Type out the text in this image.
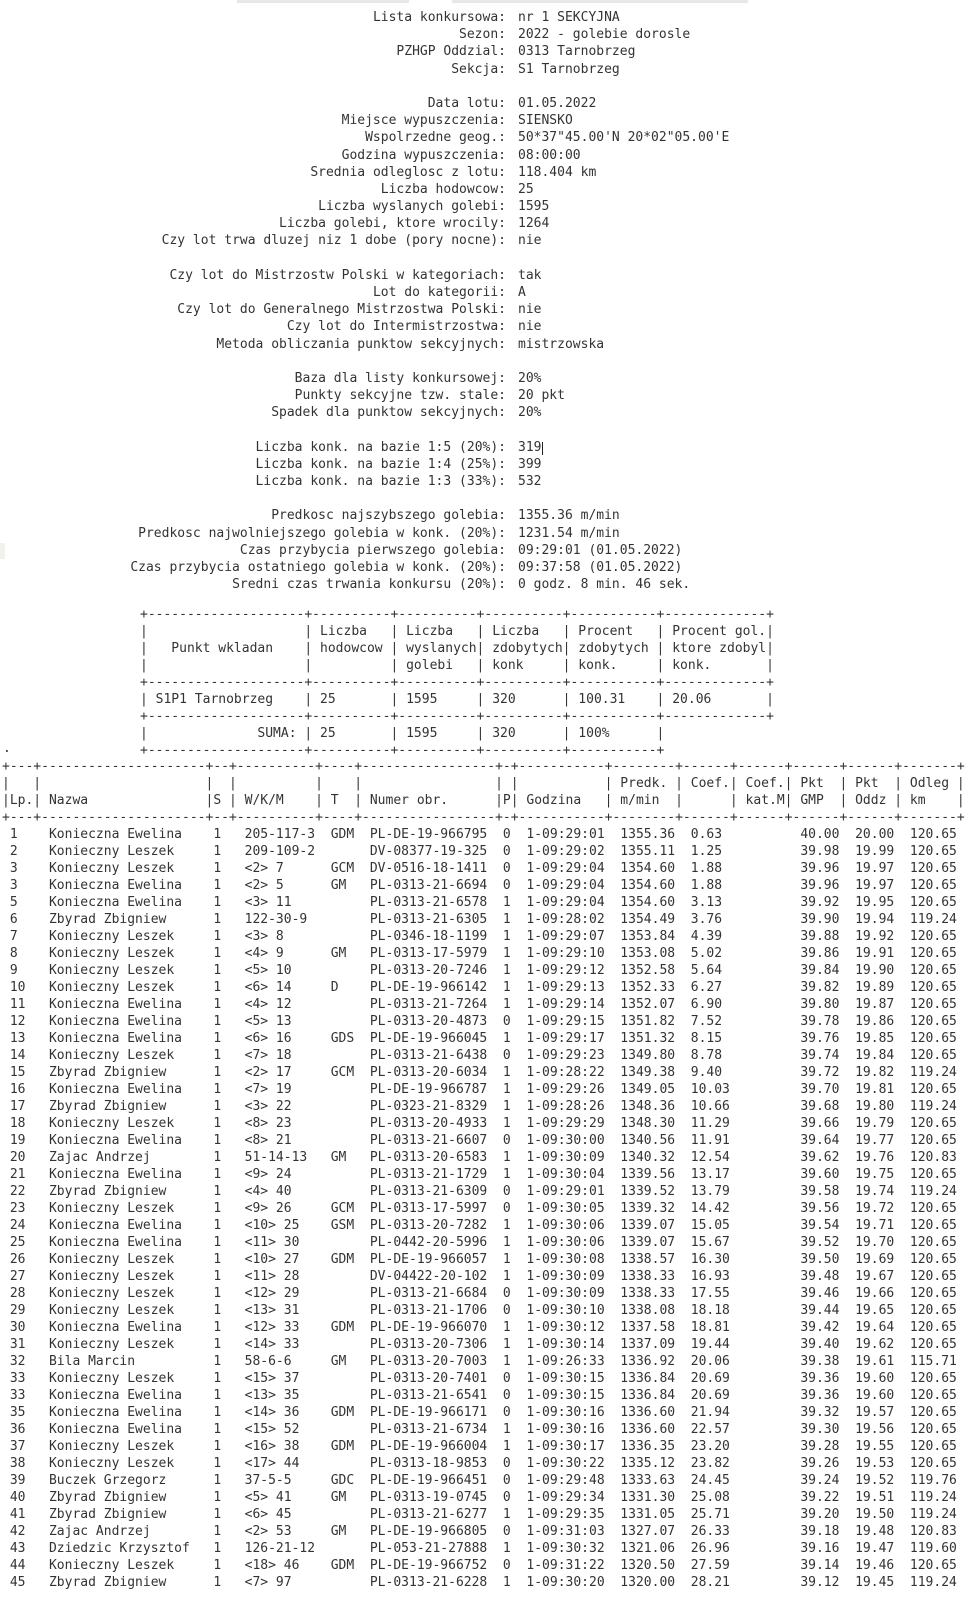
Lista konkursowa: nr 1 SEKCYJNA
Sezon: 2022 - golebie dorosle
PZHGP Oddzial: 0313 Tarnobrzeg
Sekcja: S1 Tarnobrzeg
Data lotu: 01.05.2022
Miejsce wypuszczenia: SIENSKO
Wspolrzedne geog.: 50*37"45.00'N 20*02"05.00'E
Godzina wypuszczenia: 08:00:00
Srednia odleglosc z lotu: 118.404 km
Liczba hodowcow: 25
Liczba wyslanych golebi: 1595
Liczba golebi, ktore wrocily: 1264
Czy lot trwa dluzej niz 1 dobe (pory nocne): nie
Czy lot do Mistrzostw Polski w kategoriach: tak
Lot do kategorii: A
Czy lot do Generalnego Mistrzostwa Polski: nie
Czy lot do Intermistrzostwa: nie
Metoda obliczania punktow sekcyjnych: mistrzowska
Baza dla listy konkursowej: 20%
Punkty sekcyjne tzw. stale: 20 pkt
Spadek dla punktow sekcyjnych: 20%
Liczba konk. na bazie 1:5 (20%): 319
Liczba konk. na bazie 1:4 (25%): 399
Liczba konk. na bazie 1:3 (33%): 532
Predkosc najszybszego golebia: 1355.36 m/min
Predkosc najwolniejszego golebia w konk. (20%): 1231.54 m/min
Czas przybycia pierwszego golebia: 09:29:01 (01.05.2022)
Czas przybycia ostatniego golebia w konk. (20%): 09:37:58 (01.05.2022)
Sredni czas trwania konkursu (20%): 0 godz. 8 min. 46 sek.
+--------------------+----------+----------+----------+-----------+-------------+
|                    | Liczba   | Liczba   | Liczba   | Procent   | Procent gol.|
|   Punkt wkladan    | hodowcow | wyslanych| zdobytych| zdobytych | ktore zdobyl|
|                    |          | golebi   | konk     | konk.     | konk.       |
+--------------------+----------+----------+----------+-----------+-------------+
| S1P1 Tarnobrzeg    | 25       | 1595     | 320      | 100.31    | 20.06       |
+--------------------+----------+----------+----------+-----------+-------------+
|              SUMA: | 25       | 1595     | 320      | 100%      |
+--------------------+----------+----------+----------+-----------+
.
+---+---------------------+--+----------+----+-----------------+-+-----------+--------+------+------+------+------+-------+
|   |                     |  |          |    |                 | |           | Predk. | Coef.| Coef.| Pkt  | Pkt  | Odleg |
|Lp.| Nazwa               |S | W/K/M    | T  | Numer obr.      |P| Godzina   | m/min  |      | kat.M| GMP  | Oddz | km    |
+---+---------------------+--+----------+----+-----------------+-+-----------+--------+------+------+------+------+-------+
1    Konieczna Ewelina    1   205-117-3  GDM  PL-DE-19-966795  0  1-09:29:01  1355.36  0.63          40.00  20.00  120.65
2    Konieczny Leszek     1   209-109-2       DV-08377-19-325  0  1-09:29:02  1355.11  1.25          39.98  19.99  120.65
3    Konieczny Leszek     1   <2> 7      GCM  DV-0516-18-1411  0  1-09:29:04  1354.60  1.88          39.96  19.97  120.65
3    Konieczna Ewelina    1   <2> 5      GM   PL-0313-21-6694  0  1-09:29:04  1354.60  1.88          39.96  19.97  120.65
5    Konieczna Ewelina    1   <3> 11          PL-0313-21-6578  1  1-09:29:04  1354.60  3.13          39.92  19.95  120.65
6    Zbyrad Zbigniew      1   122-30-9        PL-0313-21-6305  1  1-09:28:02  1354.49  3.76          39.90  19.94  119.24
7    Konieczny Leszek     1   <3> 8           PL-0346-18-1199  1  1-09:29:07  1353.84  4.39          39.88  19.92  120.65
8    Konieczny Leszek     1   <4> 9      GM   PL-0313-17-5979  1  1-09:29:10  1353.08  5.02          39.86  19.91  120.65
9    Konieczny Leszek     1   <5> 10          PL-0313-20-7246  1  1-09:29:12  1352.58  5.64          39.84  19.90  120.65
10   Konieczny Leszek     1   <6> 14     D    PL-DE-19-966142  1  1-09:29:13  1352.33  6.27          39.82  19.89  120.65
11   Konieczna Ewelina    1   <4> 12          PL-0313-21-7264  1  1-09:29:14  1352.07  6.90          39.80  19.87  120.65
12   Konieczna Ewelina    1   <5> 13          PL-0313-20-4873  0  1-09:29:15  1351.82  7.52          39.78  19.86  120.65
13   Konieczna Ewelina    1   <6> 16     GDS  PL-DE-19-966045  1  1-09:29:17  1351.32  8.15          39.76  19.85  120.65
14   Konieczny Leszek     1   <7> 18          PL-0313-21-6438  0  1-09:29:23  1349.80  8.78          39.74  19.84  120.65
15   Zbyrad Zbigniew      1   <2> 17     GCM  PL-0313-20-6034  1  1-09:28:22  1349.38  9.40          39.72  19.82  119.24
16   Konieczna Ewelina    1   <7> 19          PL-DE-19-966787  1  1-09:29:26  1349.05  10.03         39.70  19.81  120.65
17   Zbyrad Zbigniew      1   <3> 22          PL-0323-21-8329  1  1-09:28:26  1348.36  10.66         39.68  19.80  119.24
18   Konieczny Leszek     1   <8> 23          PL-0313-20-4933  1  1-09:29:29  1348.30  11.29         39.66  19.79  120.65
19   Konieczna Ewelina    1   <8> 21          PL-0313-21-6607  0  1-09:30:00  1340.56  11.91         39.64  19.77  120.65
20   Zajac Andrzej        1   51-14-13   GM   PL-0313-20-6583  1  1-09:30:09  1340.32  12.54         39.62  19.76  120.83
21   Konieczna Ewelina    1   <9> 24          PL-0313-21-1729  1  1-09:30:04  1339.56  13.17         39.60  19.75  120.65
22   Zbyrad Zbigniew      1   <4> 40          PL-0313-21-6309  0  1-09:29:01  1339.52  13.79         39.58  19.74  119.24
23   Konieczny Leszek     1   <9> 26     GCM  PL-0313-17-5997  0  1-09:30:05  1339.32  14.42         39.56  19.72  120.65
24   Konieczna Ewelina    1   <10> 25    GSM  PL-0313-20-7282  1  1-09:30:06  1339.07  15.05         39.54  19.71  120.65
25   Konieczna Ewelina    1   <11> 30         PL-0442-20-5996  1  1-09:30:06  1339.07  15.67         39.52  19.70  120.65
26   Konieczny Leszek     1   <10> 27    GDM  PL-DE-19-966057  1  1-09:30:08  1338.57  16.30         39.50  19.69  120.65
27   Konieczny Leszek     1   <11> 28         DV-04422-20-102  1  1-09:30:09  1338.33  16.93         39.48  19.67  120.65
28   Konieczny Leszek     1   <12> 29         PL-0313-21-6684  0  1-09:30:09  1338.33  17.55         39.46  19.66  120.65
29   Konieczny Leszek     1   <13> 31         PL-0313-21-1706  0  1-09:30:10  1338.08  18.18         39.44  19.65  120.65
30   Konieczna Ewelina    1   <12> 33    GDM  PL-DE-19-966070  1  1-09:30:12  1337.58  18.81         39.42  19.64  120.65
31   Konieczny Leszek     1   <14> 33         PL-0313-20-7306  1  1-09:30:14  1337.09  19.44         39.40  19.62  120.65
32   Bila Marcin          1   58-6-6     GM   PL-0313-20-7003  1  1-09:26:33  1336.92  20.06         39.38  19.61  115.71
33   Konieczny Leszek     1   <15> 37         PL-0313-20-7401  0  1-09:30:15  1336.84  20.69         39.36  19.60  120.65
33   Konieczna Ewelina    1   <13> 35         PL-0313-21-6541  0  1-09:30:15  1336.84  20.69         39.36  19.60  120.65
35   Konieczna Ewelina    1   <14> 36    GDM  PL-DE-19-966171  0  1-09:30:16  1336.60  21.94         39.32  19.57  120.65
36   Konieczna Ewelina    1   <15> 52         PL-0313-21-6734  1  1-09:30:16  1336.60  22.57         39.30  19.56  120.65
37   Konieczny Leszek     1   <16> 38    GDM  PL-DE-19-966004  1  1-09:30:17  1336.35  23.20         39.28  19.55  120.65
38   Konieczny Leszek     1   <17> 44         PL-0313-18-9853  0  1-09:30:22  1335.12  23.82         39.26  19.53  120.65
39   Buczek Grzegorz      1   37-5-5     GDC  PL-DE-19-966451  0  1-09:29:48  1333.63  24.45         39.24  19.52  119.76
40   Zbyrad Zbigniew      1   <5> 41     GM   PL-0313-19-0745  0  1-09:29:34  1331.30  25.08         39.22  19.51  119.24
41   Zbyrad Zbigniew      1   <6> 45          PL-0313-21-6277  1  1-09:29:35  1331.05  25.71         39.20  19.50  119.24
42   Zajac Andrzej        1   <2> 53     GM   PL-DE-19-966805  0  1-09:31:03  1327.07  26.33         39.18  19.48  120.83
43   Dziedzic Krzysztof   1   126-21-12       PL-053-21-27888  1  1-09:30:32  1321.06  26.96         39.16  19.47  119.60
44   Konieczny Leszek     1   <18> 46    GDM  PL-DE-19-966752  0  1-09:31:22  1320.50  27.59         39.14  19.46  120.65
45   Zbyrad Zbigniew      1   <7> 97          PL-0313-21-6228  1  1-09:30:20  1320.00  28.21         39.12  19.45  119.24
